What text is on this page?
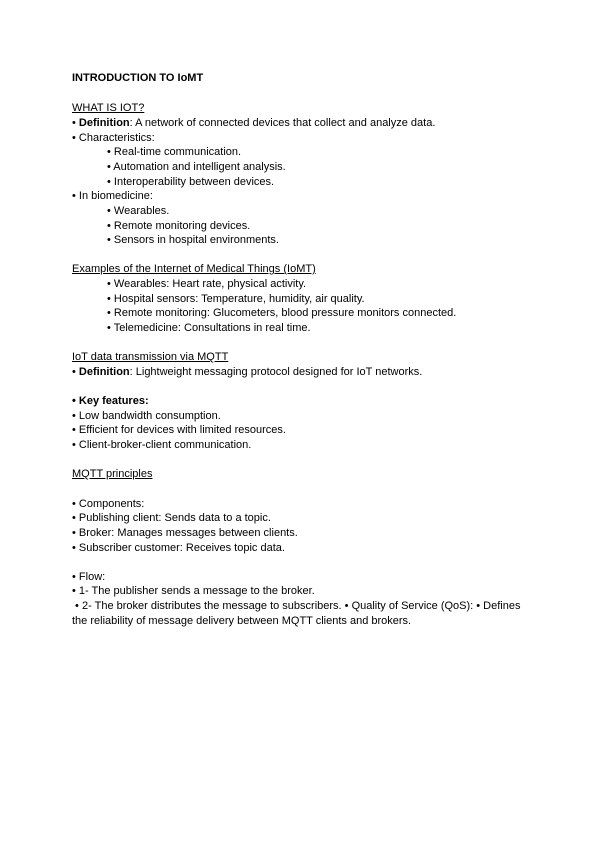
INTRODUCTION TO IoMT
WHAT IS IOT?
• Definition: A network of connected devices that collect and analyze data.
• Characteristics:
• Real-time communication.
• Automation and intelligent analysis.
• Interoperability between devices.
• In biomedicine:
• Wearables.
• Remote monitoring devices.
• Sensors in hospital environments.
Examples of the Internet of Medical Things (IoMT)
• Wearables: Heart rate, physical activity.
• Hospital sensors: Temperature, humidity, air quality.
• Remote monitoring: Glucometers, blood pressure monitors connected.
• Telemedicine: Consultations in real time.
IoT data transmission via MQTT
• Definition: Lightweight messaging protocol designed for IoT networks.
• Key features:
• Low bandwidth consumption.
• Efficient for devices with limited resources.
• Client-broker-client communication.
MQTT principles
• Components:
• Publishing client: Sends data to a topic.
• Broker: Manages messages between clients.
• Subscriber customer: Receives topic data.
• Flow:
• 1- The publisher sends a message to the broker.
• 2- The broker distributes the message to subscribers. • Quality of Service (QoS): • Defines
the reliability of message delivery between MQTT clients and brokers.
